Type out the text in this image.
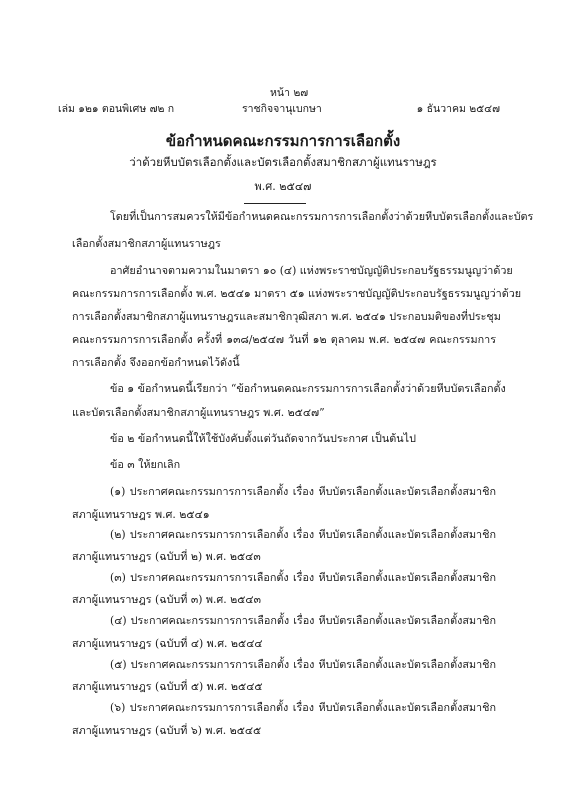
หน้า ๒๗
เล่ม ๑๒๑ ตอนพิเศษ ๗๒ ก	ราชกิจจานุเบกษา	๑ ธันวาคม ๒๕๔๗
ข้อกำหนดคณะกรรมการการเลือกตั้ง
ว่าด้วยหีบบัตรเลือกตั้งและบัตรเลือกตั้งสมาชิกสภาผู้แทนราษฎร
พ.ศ. ๒๕๔๗
โดยที่เป็นการสมควรให้มีข้อกำหนดคณะกรรมการการเลือกตั้งว่าด้วยหีบบัตรเลือกตั้งและบัตร
เลือกตั้งสมาชิกสภาผู้แทนราษฎร
อาศัยอำนาจตามความในมาตรา ๑๐ (๔) แห่งพระราชบัญญัติประกอบรัฐธรรมนูญว่าด้วย
คณะกรรมการการเลือกตั้ง พ.ศ. ๒๕๔๑ มาตรา ๕๑ แห่งพระราชบัญญัติประกอบรัฐธรรมนูญว่าด้วย
การเลือกตั้งสมาชิกสภาผู้แทนราษฎรและสมาชิกวุฒิสภา พ.ศ. ๒๕๔๑ ประกอบมติของที่ประชุม
คณะกรรมการการเลือกตั้ง ครั้งที่ ๑๓๘/๒๕๔๗ วันที่ ๑๒ ตุลาคม พ.ศ. ๒๕๔๗ คณะกรรมการ
การเลือกตั้ง จึงออกข้อกำหนดไว้ดังนี้
ข้อ ๑ ข้อกำหนดนี้เรียกว่า “ข้อกำหนดคณะกรรมการการเลือกตั้งว่าด้วยหีบบัตรเลือกตั้ง
และบัตรเลือกตั้งสมาชิกสภาผู้แทนราษฎร พ.ศ. ๒๕๔๗”
ข้อ ๒ ข้อกำหนดนี้ให้ใช้บังคับตั้งแต่วันถัดจากวันประกาศ เป็นต้นไป
ข้อ ๓ ให้ยกเลิก
(๑) ประกาศคณะกรรมการการเลือกตั้ง เรื่อง หีบบัตรเลือกตั้งและบัตรเลือกตั้งสมาชิก
สภาผู้แทนราษฎร พ.ศ. ๒๕๔๑
(๒) ประกาศคณะกรรมการการเลือกตั้ง เรื่อง หีบบัตรเลือกตั้งและบัตรเลือกตั้งสมาชิก
สภาผู้แทนราษฎร (ฉบับที่ ๒) พ.ศ. ๒๕๔๓
(๓) ประกาศคณะกรรมการการเลือกตั้ง เรื่อง หีบบัตรเลือกตั้งและบัตรเลือกตั้งสมาชิก
สภาผู้แทนราษฎร (ฉบับที่ ๓) พ.ศ. ๒๕๔๓
(๔) ประกาศคณะกรรมการการเลือกตั้ง เรื่อง หีบบัตรเลือกตั้งและบัตรเลือกตั้งสมาชิก
สภาผู้แทนราษฎร (ฉบับที่ ๔) พ.ศ. ๒๕๔๔
(๕) ประกาศคณะกรรมการการเลือกตั้ง เรื่อง หีบบัตรเลือกตั้งและบัตรเลือกตั้งสมาชิก
สภาผู้แทนราษฎร (ฉบับที่ ๕) พ.ศ. ๒๕๔๕
(๖) ประกาศคณะกรรมการการเลือกตั้ง เรื่อง หีบบัตรเลือกตั้งและบัตรเลือกตั้งสมาชิก
สภาผู้แทนราษฎร (ฉบับที่ ๖) พ.ศ. ๒๕๔๕
